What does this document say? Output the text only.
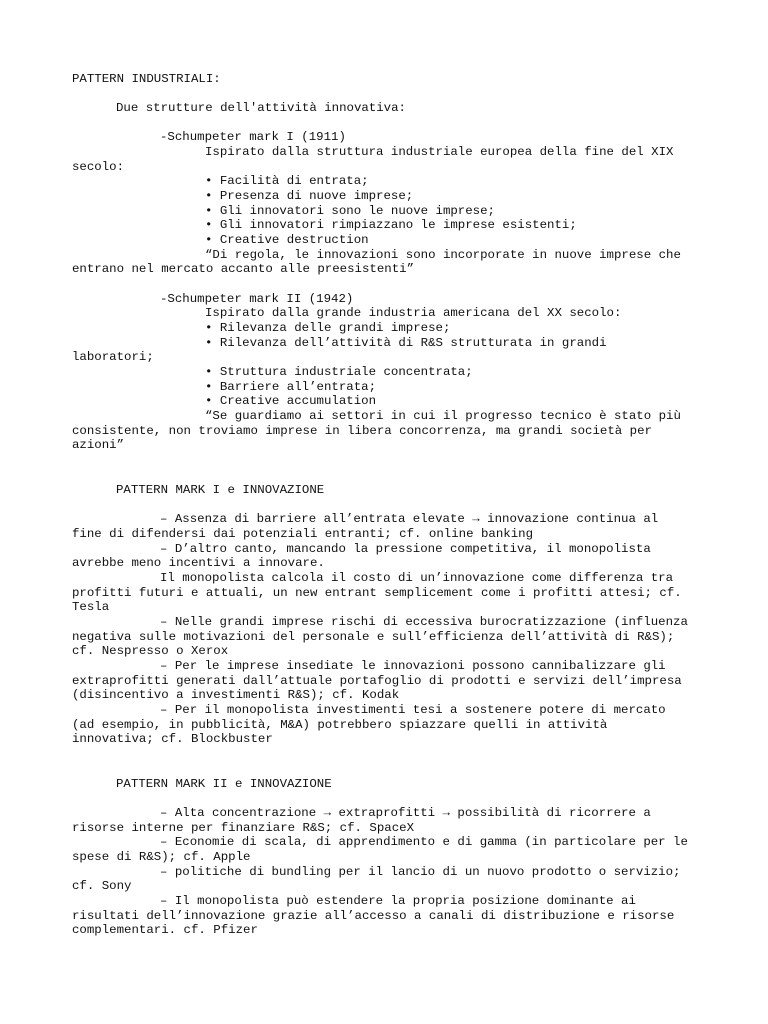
PATTERN INDUSTRIALI:

Due strutture dell'attività innovativa:

-Schumpeter mark I (1911)

Ispirato dalla struttura industriale europea della fine del XIX

secolo:

• Facilità di entrata;

• Presenza di nuove imprese;

• Gli innovatori sono le nuove imprese;

• Gli innovatori rimpiazzano le imprese esistenti;

• Creative destruction

“Di regola, le innovazioni sono incorporate in nuove imprese che

entrano nel mercato accanto alle preesistenti”

-Schumpeter mark II (1942)

Ispirato dalla grande industria americana del XX secolo:

• Rilevanza delle grandi imprese;

• Rilevanza dell’attività di R&S strutturata in grandi

laboratori;

• Struttura industriale concentrata;

• Barriere all’entrata;

• Creative accumulation

“Se guardiamo ai settori in cui il progresso tecnico è stato più

consistente, non troviamo imprese in libera concorrenza, ma grandi società per

azioni”

PATTERN MARK I e INNOVAZIONE

– Assenza di barriere all’entrata elevate → innovazione continua al

fine di difendersi dai potenziali entranti; cf. online banking

– D’altro canto, mancando la pressione competitiva, il monopolista

avrebbe meno incentivi a innovare.

Il monopolista calcola il costo di un’innovazione come differenza tra

profitti futuri e attuali, un new entrant semplicement come i profitti attesi; cf.

Tesla

– Nelle grandi imprese rischi di eccessiva burocratizzazione (influenza

negativa sulle motivazioni del personale e sull’efficienza dell’attività di R&S);

cf. Nespresso o Xerox

– Per le imprese insediate le innovazioni possono cannibalizzare gli

extraprofitti generati dall’attuale portafoglio di prodotti e servizi dell’impresa

(disincentivo a investimenti R&S); cf. Kodak

– Per il monopolista investimenti tesi a sostenere potere di mercato

(ad esempio, in pubblicità, M&A) potrebbero spiazzare quelli in attività

innovativa; cf. Blockbuster

PATTERN MARK II e INNOVAZIONE

– Alta concentrazione → extraprofitti → possibilità di ricorrere a

risorse interne per finanziare R&S; cf. SpaceX

– Economie di scala, di apprendimento e di gamma (in particolare per le

spese di R&S); cf. Apple

– politiche di bundling per il lancio di un nuovo prodotto o servizio;

cf. Sony

– Il monopolista può estendere la propria posizione dominante ai

risultati dell’innovazione grazie all’accesso a canali di distribuzione e risorse

complementari. cf. Pfizer
